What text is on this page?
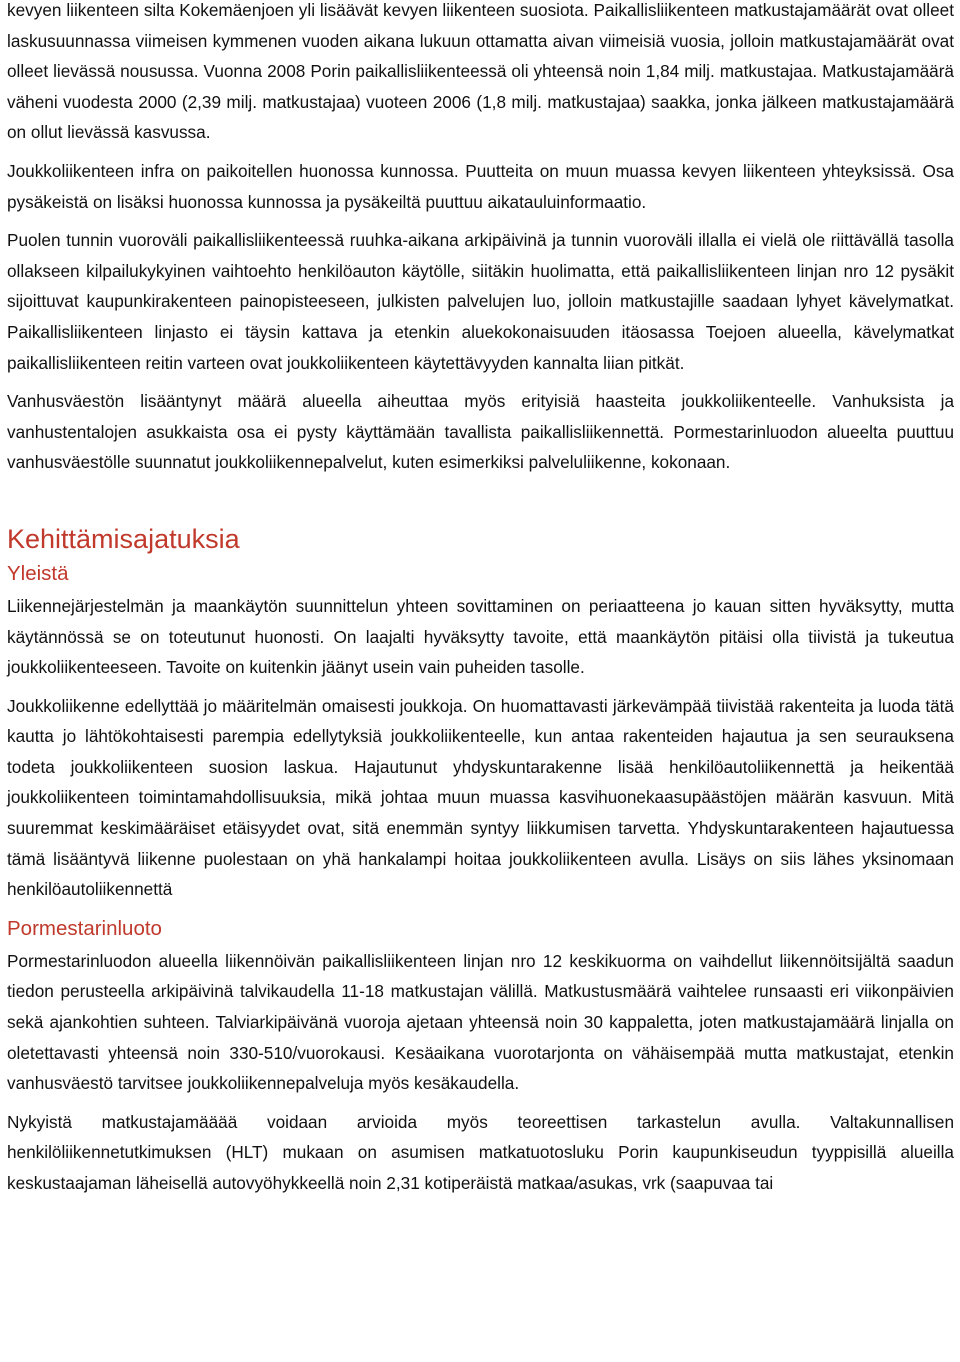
kevyen liikenteen silta Kokemäenjoen yli lisäävät kevyen liikenteen suosiota. Paikallisliikenteen matkustajamäärät ovat olleet laskusuunnassa viimeisen kymmenen vuoden aikana lukuun ottamatta aivan viimeisiä vuosia, jolloin matkustajamäärät ovat olleet lievässä nousussa. Vuonna 2008 Porin paikallisliikenteessä oli yhteensä noin 1,84 milj. matkustajaa. Matkustajamäärä väheni vuodesta 2000 (2,39 milj. matkustajaa) vuoteen 2006 (1,8 milj. matkustajaa) saakka, jonka jälkeen matkustajamäärä on ollut lievässä kasvussa.

Joukkoliikenteen infra on paikoitellen huonossa kunnossa. Puutteita on muun muassa kevyen liikenteen yhteyksissä. Osa pysäkeistä on lisäksi huonossa kunnossa ja pysäkeiltä puuttuu aikatauluinformaatio.

Puolen tunnin vuoroväli paikallisliikenteessä ruuhka-aikana arkipäivinä ja tunnin vuoroväli illalla ei vielä ole riittävällä tasolla ollakseen kilpailukykyinen vaihtoehto henkilöauton käytölle, siitäkin huolimatta, että paikallisliikenteen linjan nro 12 pysäkit sijoittuvat kaupunkirakenteen painopisteeseen, julkisten palvelujen luo, jolloin matkustajille saadaan lyhyet kävelymatkat. Paikallisliikenteen linjasto ei täysin kattava ja etenkin aluekokonaisuuden itäosassa Toejoen alueella, kävelymatkat paikallisliikenteen reitin varteen ovat joukkoliikenteen käytettävyyden kannalta liian pitkät.

Vanhusväestön lisääntynyt määrä alueella aiheuttaa myös erityisiä haasteita joukkoliikenteelle. Vanhuksista ja vanhustentalojen asukkaista osa ei pysty käyttämään tavallista paikallisliikennettä. Pormestarinluodon alueelta puuttuu vanhusväestölle suunnatut joukkoliikennepalvelut, kuten esimerkiksi palveluliikenne, kokonaan.

Kehittämisajatuksia
Yleistä

Liikennejärjestelmän ja maankäytön suunnittelun yhteen sovittaminen on periaatteena jo kauan sitten hyväksytty, mutta käytännössä se on toteutunut huonosti. On laajalti hyväksytty tavoite, että maankäytön pitäisi olla tiivistä ja tukeutua joukkoliikenteeseen. Tavoite on kuitenkin jäänyt usein vain puheiden tasolle.

Joukkoliikenne edellyttää jo määritelmän omaisesti joukkoja. On huomattavasti järkevämpää tiivistää rakenteita ja luoda tätä kautta jo lähtökohtaisesti parempia edellytyksiä joukkoliikenteelle, kun antaa rakenteiden hajautua ja sen seurauksena todeta joukkoliikenteen suosion laskua. Hajautunut yhdyskuntarakenne lisää henkilöautoliikennettä ja heikentää joukkoliikenteen toimintamahdollisuuksia, mikä johtaa muun muassa kasvihuonekaasupäästöjen määrän kasvuun. Mitä suuremmat keskimääräiset etäisyydet ovat, sitä enemmän syntyy liikkumisen tarvetta. Yhdyskuntarakenteen hajautuessa tämä lisääntyvä liikenne puolestaan on yhä hankalampi hoitaa joukkoliikenteen avulla. Lisäys on siis lähes yksinomaan henkilöautoliikennettä

Pormestarinluoto

Pormestarinluodon alueella liikennöivän paikallisliikenteen linjan nro 12 keskikuorma on vaihdellut liikennöitsijältä saadun tiedon perusteella arkipäivinä talvikaudella 11-18 matkustajan välillä. Matkustusmäärä vaihtelee runsaasti eri viikonpäivien sekä ajankohtien suhteen. Talviarkipäivänä vuoroja ajetaan yhteensä noin 30 kappaletta, joten matkustajamäärä linjalla on oletettavasti yhteensä noin 330-510/vuorokausi. Kesäaikana vuorotarjonta on vähäisempää mutta matkustajat, etenkin vanhusväestö tarvitsee joukkoliikennepalveluja myös kesäkaudella.

Nykyistä matkustajamääää voidaan arvioida myös teoreettisen tarkastelun avulla. Valtakunnallisen henkilöliikennetutkimuksen (HLT) mukaan on asumisen matkatuotosluku Porin kaupunkiseudun tyyppisillä alueilla keskustaajaman läheisellä autovyöhykkeellä noin 2,31 kotiperäistä matkaa/asukas, vrk (saapuvaa tai
